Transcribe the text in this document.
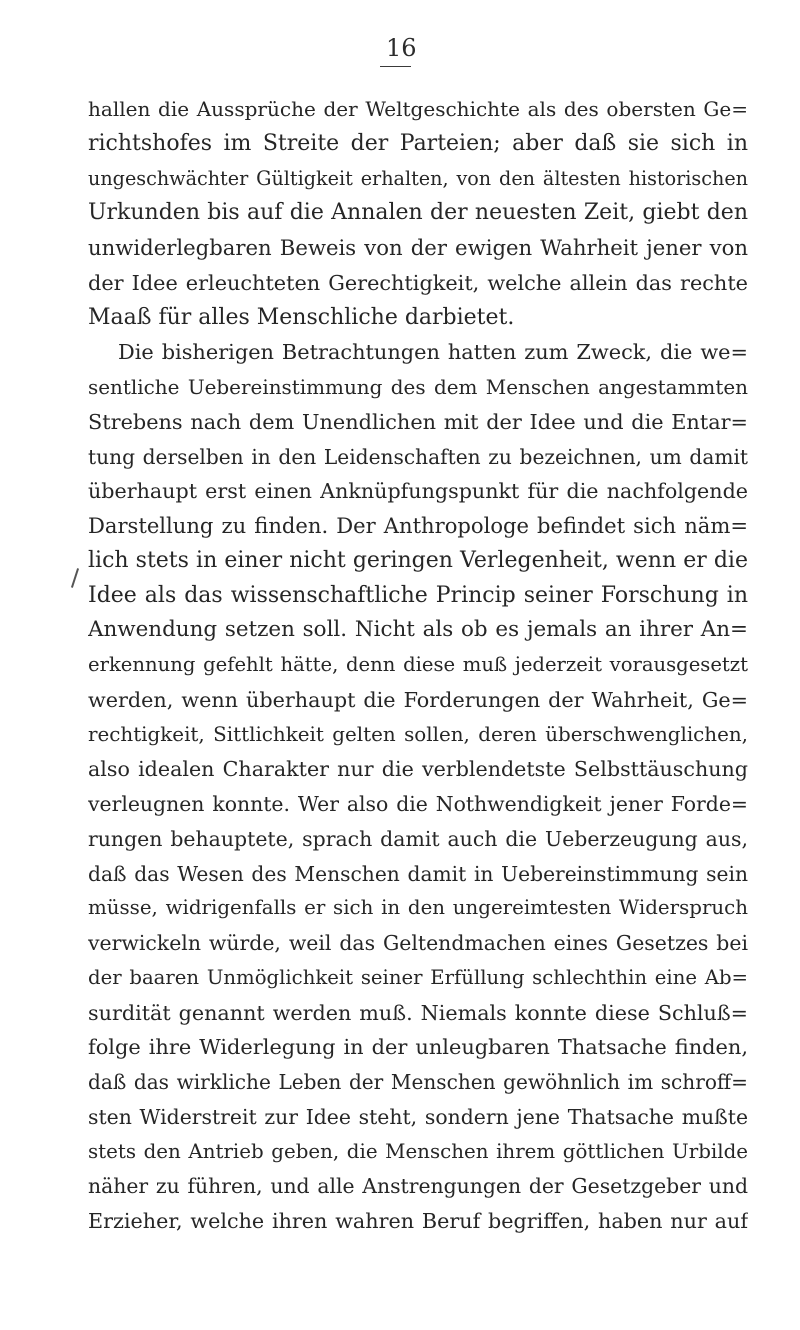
16
hallen die Aussprüche der Weltgeschichte als des obersten Ge=
richtshofes im Streite der Parteien; aber daß sie sich in
ungeschwächter Gültigkeit erhalten, von den ältesten historischen
Urkunden bis auf die Annalen der neuesten Zeit, giebt den
unwiderlegbaren Beweis von der ewigen Wahrheit jener von
der Idee erleuchteten Gerechtigkeit, welche allein das rechte
Maaß für alles Menschliche darbietet.
Die bisherigen Betrachtungen hatten zum Zweck, die we=
sentliche Uebereinstimmung des dem Menschen angestammten
Strebens nach dem Unendlichen mit der Idee und die Entar=
tung derselben in den Leidenschaften zu bezeichnen, um damit
überhaupt erst einen Anknüpfungspunkt für die nachfolgende
Darstellung zu finden. Der Anthropologe befindet sich näm=
lich stets in einer nicht geringen Verlegenheit, wenn er die
Idee als das wissenschaftliche Princip seiner Forschung in
Anwendung setzen soll. Nicht als ob es jemals an ihrer An=
erkennung gefehlt hätte, denn diese muß jederzeit vorausgesetzt
werden, wenn überhaupt die Forderungen der Wahrheit, Ge=
rechtigkeit, Sittlichkeit gelten sollen, deren überschwenglichen,
also idealen Charakter nur die verblendetste Selbsttäuschung
verleugnen konnte. Wer also die Nothwendigkeit jener Forde=
rungen behauptete, sprach damit auch die Ueberzeugung aus,
daß das Wesen des Menschen damit in Uebereinstimmung sein
müsse, widrigenfalls er sich in den ungereimtesten Widerspruch
verwickeln würde, weil das Geltendmachen eines Gesetzes bei
der baaren Unmöglichkeit seiner Erfüllung schlechthin eine Ab=
surdität genannt werden muß. Niemals konnte diese Schluß=
folge ihre Widerlegung in der unleugbaren Thatsache finden,
daß das wirkliche Leben der Menschen gewöhnlich im schroff=
sten Widerstreit zur Idee steht, sondern jene Thatsache mußte
stets den Antrieb geben, die Menschen ihrem göttlichen Urbilde
näher zu führen, und alle Anstrengungen der Gesetzgeber und
Erzieher, welche ihren wahren Beruf begriffen, haben nur auf
